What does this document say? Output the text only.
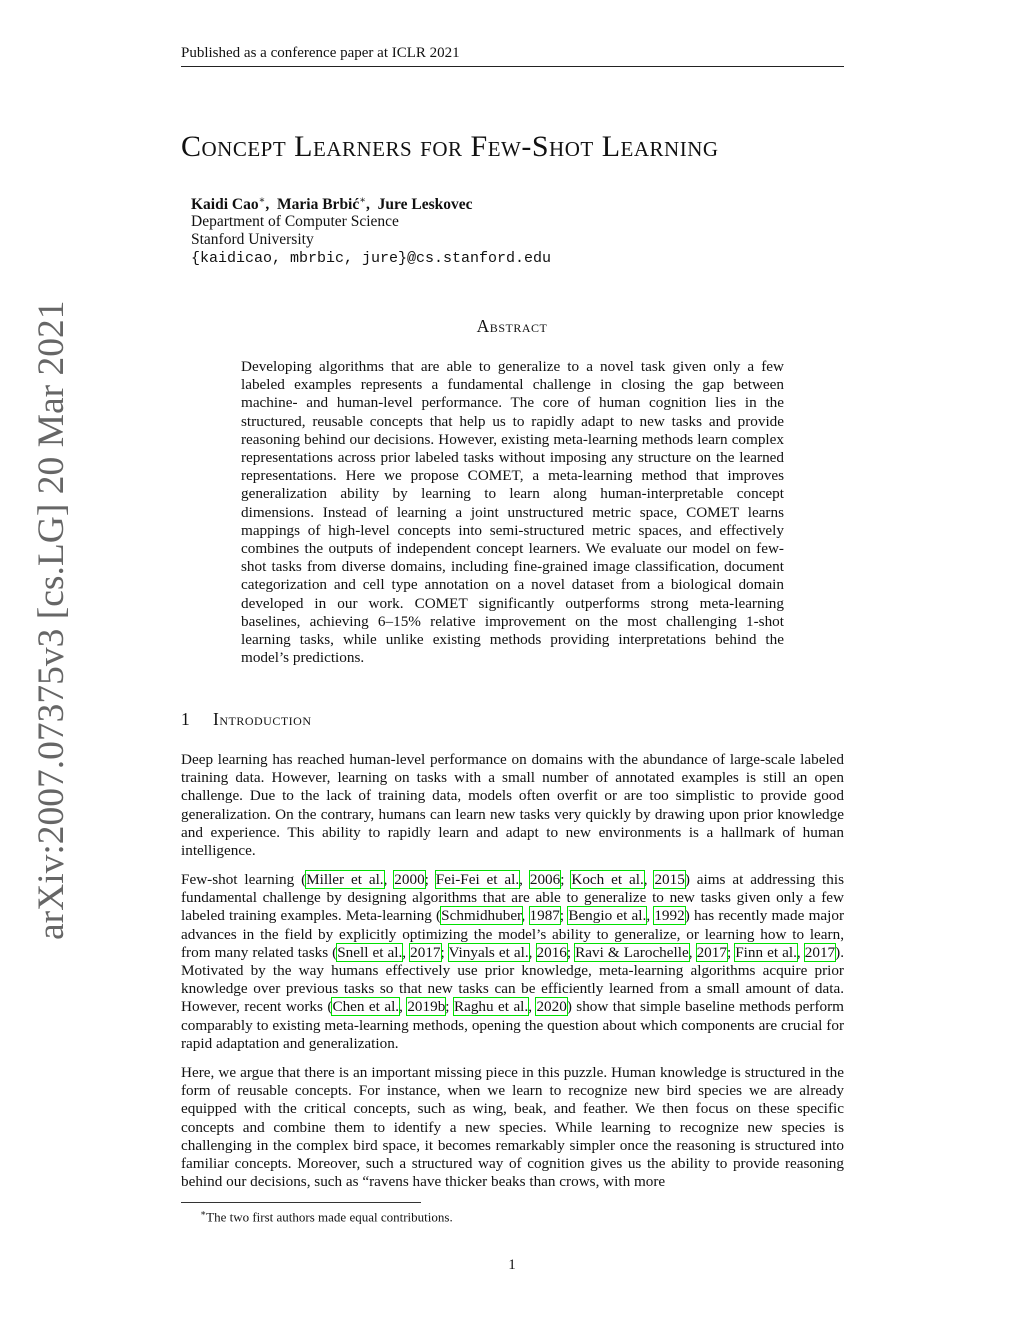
Published as a conference paper at ICLR 2021
Concept Learners for Few-Shot Learning
Kaidi Cao∗,  Maria Brbić∗,  Jure Leskovec
Department of Computer Science
Stanford University
{kaidicao, mbrbic, jure}@cs.stanford.edu
Abstract
Developing algorithms that are able to generalize to a novel task given only a few labeled examples represents a fundamental challenge in closing the gap between machine- and human-level performance. The core of human cognition lies in the structured, reusable concepts that help us to rapidly adapt to new tasks and provide reasoning behind our decisions. However, existing meta-learning methods learn complex representations across prior labeled tasks without imposing any structure on the learned representations. Here we propose COMET, a meta-learning method that improves generalization ability by learning to learn along human-interpretable concept dimensions. Instead of learning a joint unstructured metric space, COMET learns mappings of high-level concepts into semi-structured metric spaces, and effectively combines the outputs of independent concept learners. We evaluate our model on few-shot tasks from diverse domains, including fine-grained image classification, document categorization and cell type annotation on a novel dataset from a biological domain developed in our work. COMET significantly outperforms strong meta-learning baselines, achieving 6–15% relative improvement on the most challenging 1-shot learning tasks, while unlike existing methods providing interpretations behind the model’s predictions.
arXiv:2007.07375v3 [cs.LG] 20 Mar 2021	1 Introduction
Deep learning has reached human-level performance on domains with the abundance of large-scale labeled training data. However, learning on tasks with a small number of annotated examples is still an open challenge. Due to the lack of training data, models often overfit or are too simplistic to provide good generalization. On the contrary, humans can learn new tasks very quickly by drawing upon prior knowledge and experience. This ability to rapidly learn and adapt to new environments is a hallmark of human intelligence.
Few-shot learning (Miller et al., 2000; Fei-Fei et al., 2006; Koch et al., 2015) aims at addressing this fundamental challenge by designing algorithms that are able to generalize to new tasks given only a few labeled training examples. Meta-learning (Schmidhuber, 1987; Bengio et al., 1992) has recently made major advances in the field by explicitly optimizing the model’s ability to generalize, or learning how to learn, from many related tasks (Snell et al., 2017; Vinyals et al., 2016; Ravi & Larochelle, 2017; Finn et al., 2017). Motivated by the way humans effectively use prior knowledge, meta-learning algorithms acquire prior knowledge over previous tasks so that new tasks can be efficiently learned from a small amount of data. However, recent works (Chen et al., 2019b; Raghu et al., 2020) show that simple baseline methods perform comparably to existing meta-learning methods, opening the question about which components are crucial for rapid adaptation and generalization.
Here, we argue that there is an important missing piece in this puzzle. Human knowledge is structured in the form of reusable concepts. For instance, when we learn to recognize new bird species we are already equipped with the critical concepts, such as wing, beak, and feather. We then focus on these specific concepts and combine them to identify a new species. While learning to recognize new species is challenging in the complex bird space, it becomes remarkably simpler once the reasoning is structured into familiar concepts. Moreover, such a structured way of cognition gives us the ability to provide reasoning behind our decisions, such as “ravens have thicker beaks than crows, with more
∗The two first authors made equal contributions.
1
